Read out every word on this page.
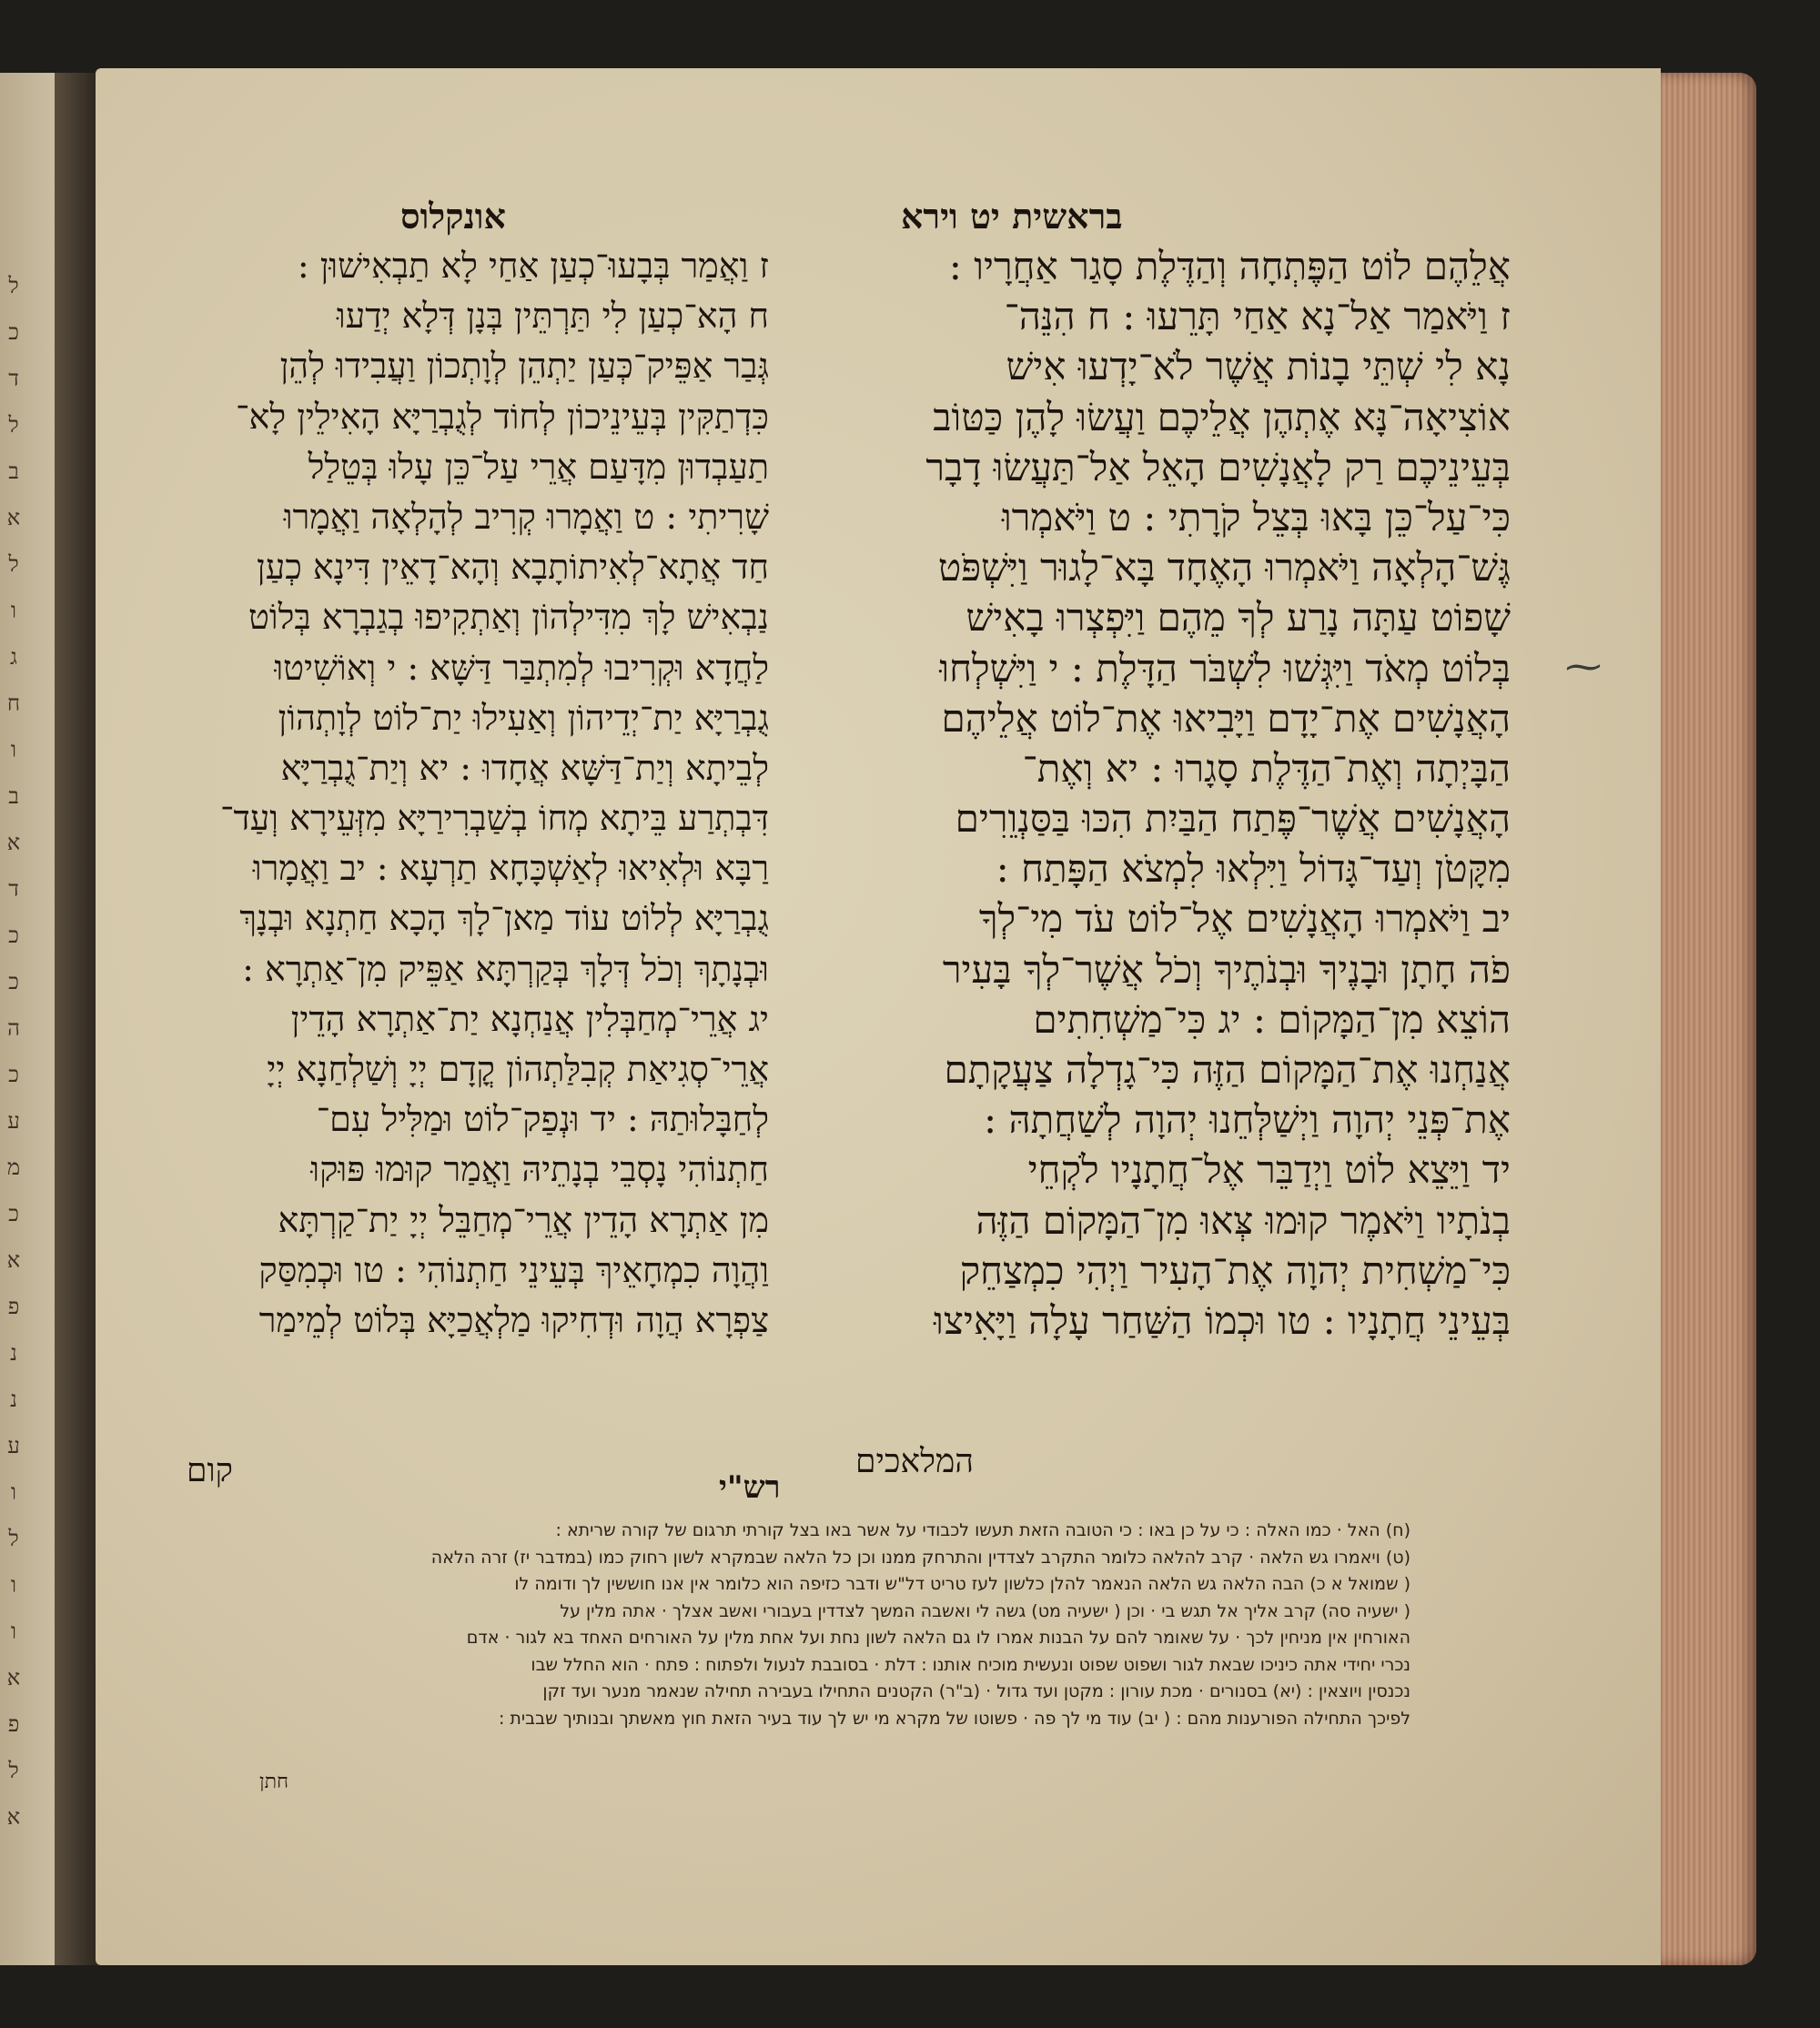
ל
כ
ד
ל
ב
א
ל
ו
ג
ח
ו
ב
א
ד
כ
כ
ה
כ
ע
מ
כ
א
פ
נ
נ
ע
ו
ל
ו
ו
א
פ
ל
א
בראשית יט וירא
אונקלוס
אֲלֵהֶם לוֹט הַפֶּתְחָה וְהַדֶּלֶת סָגַר אַחֲרָיו :
ז וַיֹּאמַר אַל־נָא אַחַי תָּרֵעוּ : ח הִנֵּה־
נָא לִי שְׁתֵּי בָנוֹת אֲשֶׁר לֹא־יָדְעוּ אִישׁ
אוֹצִיאָה־נָּא אֶתְהֶן אֲלֵיכֶם וַעֲשׂוּ לָהֶן כַּטּוֹב
בְּעֵינֵיכֶם רַק לָאֲנָשִׁים הָאֵל אַל־תַּעֲשׂוּ דָבָר
כִּי־עַל־כֵּן בָּאוּ בְּצֵל קֹרָתִי : ט וַיֹּאמְרוּ
גֶּשׁ־הָלְאָה וַיֹּאמְרוּ הָאֶחָד בָּא־לָגוּר וַיִּשְׁפֹּט
שָׁפוֹט עַתָּה נָרַע לְךָ מֵהֶם וַיִּפְצְרוּ בָאִישׁ
בְּלוֹט מְאֹד וַיִּגְּשׁוּ לִשְׁבֹּר הַדָּלֶת : י וַיִּשְׁלְחוּ
הָאֲנָשִׁים אֶת־יָדָם וַיָּבִיאוּ אֶת־לוֹט אֲלֵיהֶם
הַבָּיְתָה וְאֶת־הַדֶּלֶת סָגָרוּ : יא וְאֶת־
הָאֲנָשִׁים אֲשֶׁר־פֶּתַח הַבַּיִת הִכּוּ בַּסַּנְוֵרִים
מִקָּטֹן וְעַד־גָּדוֹל וַיִּלְאוּ לִמְצֹא הַפָּתַח :
יב וַיֹּאמְרוּ הָאֲנָשִׁים אֶל־לוֹט עֹד מִי־לְךָ
פֹה חָתָן וּבָנֶיךָ וּבְנֹתֶיךָ וְכֹל אֲשֶׁר־לְךָ בָּעִיר
הוֹצֵא מִן־הַמָּקוֹם : יג כִּי־מַשְׁחִתִים
אֲנַחְנוּ אֶת־הַמָּקוֹם הַזֶּה כִּי־גָדְלָה צַעֲקָתָם
אֶת־פְּנֵי יְהוָה וַיְשַׁלְּחֵנוּ יְהוָה לְשַׁחֲתָהּ :
יד וַיֵּצֵא לוֹט וַיְדַבֵּר אֶל־חֲתָנָיו לֹקְחֵי
בְנֹתָיו וַיֹּאמֶר קוּמוּ צְּאוּ מִן־הַמָּקוֹם הַזֶּה
כִּי־מַשְׁחִית יְהוָה אֶת־הָעִיר וַיְהִי כִמְצַחֵק
בְּעֵינֵי חֲתָנָיו : טו וּכְמוֹ הַשַּׁחַר עָלָה וַיָּאִיצוּ
ז וַאֲמַר בְּבָעוּ־כְעַן אַחַי לָא תַבְאִישׁוּן :
ח הָא־כְעַן לִי תַּרְתֵּין בְּנָן דְּלָא יְדַעוּ
גְּבַר אַפֵּיק־כְּעַן יַתְהֵן לְוָתְכוֹן וַעֲבִידוּ לְהֵן
כִּדְתַקִּין בְּעֵינֵיכוֹן לְחוֹד לְגֻבְרַיָּא הָאִילֵין לָא־
תַעַבְדוּן מִדָּעַם אֲרֵי עַל־כֵּן עָלוּ בְּטֵלַל
שָׁרִיתִי : ט וַאֲמָרוּ קְרִיב לְהָלְאָה וַאֲמָרוּ
חַד אֲתָא־לְאִיתוֹתָבָא וְהָא־דָאֵין דִּינָא כְעַן
נַבְאִישׁ לָךְ מִדִּילְהוֹן וְאַתְקִיפוּ בְגַבְרָא בְּלוֹט
לַחֲדָא וּקְרִיבוּ לְמִתְבַּר דַּשָּׁא : י וְאוֹשִׁיטוּ
גֻבְרַיָּא יַת־יְדֵיהוֹן וְאַעִילוּ יַת־לוֹט לְוָתְהוֹן
לְבֵיתָא וְיַת־דַּשָּׁא אֲחָדוּ : יא וְיַת־גֻבְרַיָּא
דִּבְתְרַע בֵּיתָא מְחוֹ בְשַׁבְרִירַיָּא מִזְּעֵירָא וְעַד־
רַבָּא וּלְאִיאוּ לְאַשְׁכָּחָא תַרְעָא : יב וַאֲמָרוּ
גֻבְרַיָּא לְלוֹט עוֹד מַאן־לָךְ הָכָא חַתְנָא וּבְנָךְ
וּבְנָתָךְ וְכֹל דְּלָךְ בְּקַרְתָּא אַפֵּיק מִן־אַתְרָא :
יג אֲרֵי־מְחַבְּלִין אֲנַחְנָא יַת־אַתְרָא הָדֵין
אֲרֵי־סְגִיאַת קְבִלַּתְהוֹן קֳדָם יְיָ וְשַׁלְחַנָא יְיָ
לְחַבָּלוּתַהּ : יד וּנְפַק־לוֹט וּמַלִּיל עִם־
חַתְנוֹהִי נָסְבֵי בְנָתֵיהּ וַאֲמַר קוּמוּ פּוּקוּ
מִן אַתְרָא הָדֵין אֲרֵי־מְחַבֵּל יְיָ יַת־קַרְתָּא
וַהֲוָה כִמְחָאֵיךְ בְּעֵינֵי חַתְנוֹהִי : טו וּכְמִסַּק
צַפְרָא הֲוָה וּדְחִיקוּ מַלְאֲכַיָּא בְּלוֹט לְמֵימַר
המלאכים
קום	רש"י
(ח) האל · כמו האלה : כי על כן באו : כי הטובה הזאת תעשו לכבודי על אשר באו בצל קורתי תרגום של קורה שריתא :
(ט) ויאמרו גש הלאה · קרב להלאה כלומר התקרב לצדדין והתרחק ממנו וכן כל הלאה שבמקרא לשון רחוק כמו (במדבר יז) זרה הלאה
( שמואל א כ) הבה הלאה גש הלאה הנאמר להלן כלשון לעז טריט דל"ש ודבר כזיפה הוא כלומר אין אנו חוששין לך ודומה לו
( ישעיה סה) קרב אליך אל תגש בי · וכן ( ישעיה מט) גשה לי ואשבה המשך לצדדין בעבורי ואשב אצלך · אתה מלין על
האורחין אין מניחין לכך · על שאומר להם על הבנות אמרו לו גם הלאה לשון נחת ועל אחת מלין על האורחים האחד בא לגור · אדם
נכרי יחידי אתה כיניכו שבאת לגור ושפוט שפוט ונעשית מוכיח אותנו : דלת · בסובבת לנעול ולפתוח : פתח · הוא החלל שבו
נכנסין ויוצאין : (יא) בסנורים · מכת עורון : מקטן ועד גדול · (ב"ר) הקטנים התחילו בעבירה תחילה שנאמר מנער ועד זקן
לפיכך התחילה הפורענות מהם : ( יב) עוד מי לך פה · פשוטו של מקרא מי יש לך עוד בעיר הזאת חוץ מאשתך ובנותיך שבבית :
חתן
⁓
